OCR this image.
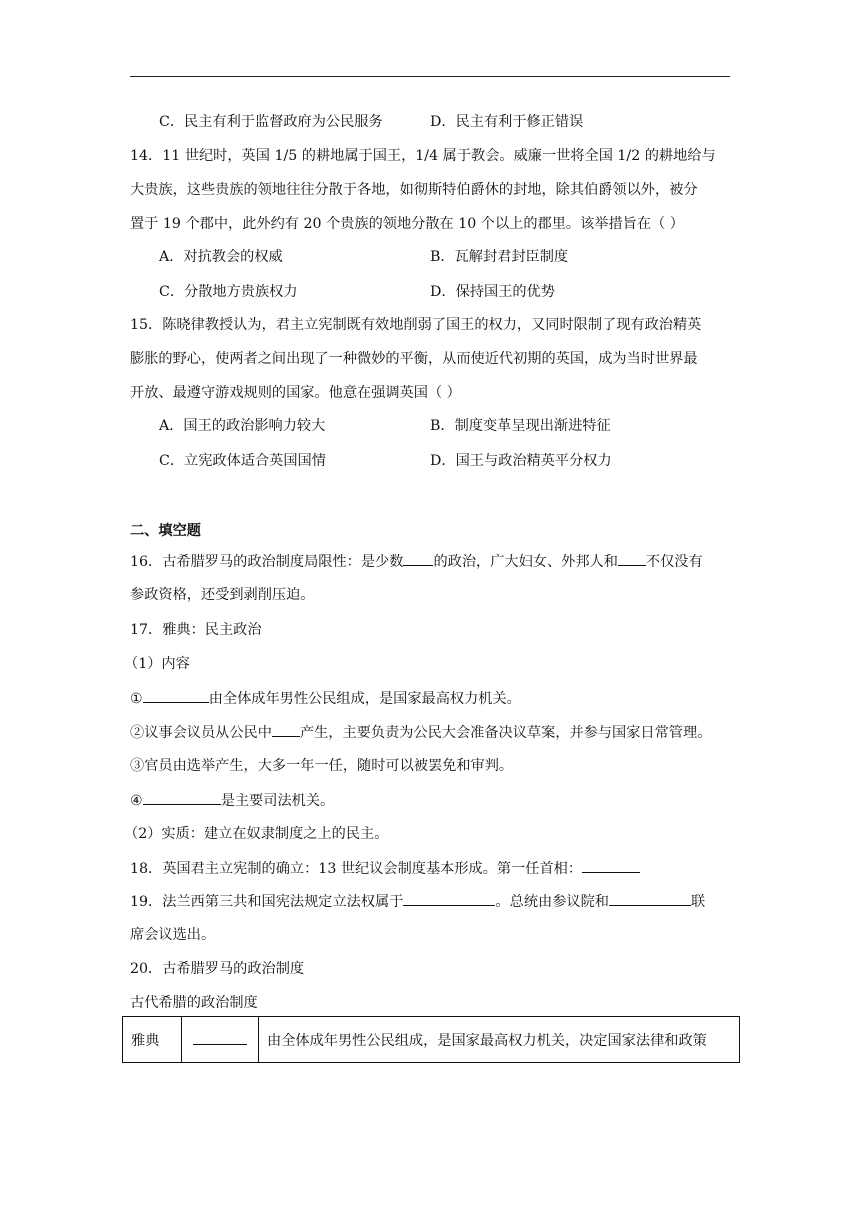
C．民主有利于监督政府为公民服务	D．民主有利于修正错误
14．11 世纪时，英国 1/5 的耕地属于国王，1/4 属于教会。威廉一世将全国 1/2 的耕地给与
大贵族，这些贵族的领地往往分散于各地，如彻斯特伯爵休的封地，除其伯爵领以外，被分
置于 19 个郡中，此外约有 20 个贵族的领地分散在 10 个以上的郡里。该举措旨在（ ）
A．对抗教会的权威	B．瓦解封君封臣制度
C．分散地方贵族权力	D．保持国王的优势
15．陈晓律教授认为，君主立宪制既有效地削弱了国王的权力，又同时限制了现有政治精英
膨胀的野心，使两者之间出现了一种微妙的平衡，从而使近代初期的英国，成为当时世界最
开放、最遵守游戏规则的国家。他意在强调英国（ ）
A．国王的政治影响力较大	B．制度变革呈现出渐进特征
C．立宪政体适合英国国情	D．国王与政治精英平分权力
二、填空题
16．古希腊罗马的政治制度局限性：是少数 的政治，广大妇女、外邦人和 不仅没有
参政资格，还受到剥削压迫。
17．雅典：民主政治
（1）内容
①	由全体成年男性公民组成，是国家最高权力机关。
②议事会议员从公民中 产生，主要负责为公民大会准备决议草案，并参与国家日常管理。
③官员由选举产生，大多一年一任，随时可以被罢免和审判。
④	是主要司法机关。
（2）实质：建立在奴隶制度之上的民主。
18．英国君主立宪制的确立：13 世纪议会制度基本形成。第一任首相：
19．法兰西第三共和国宪法规定立法权属于	。总统由参议院和	联
席会议选出。
20．古希腊罗马的政治制度
古代希腊的政治制度
雅典		由全体成年男性公民组成，是国家最高权力机关，决定国家法律和政策
